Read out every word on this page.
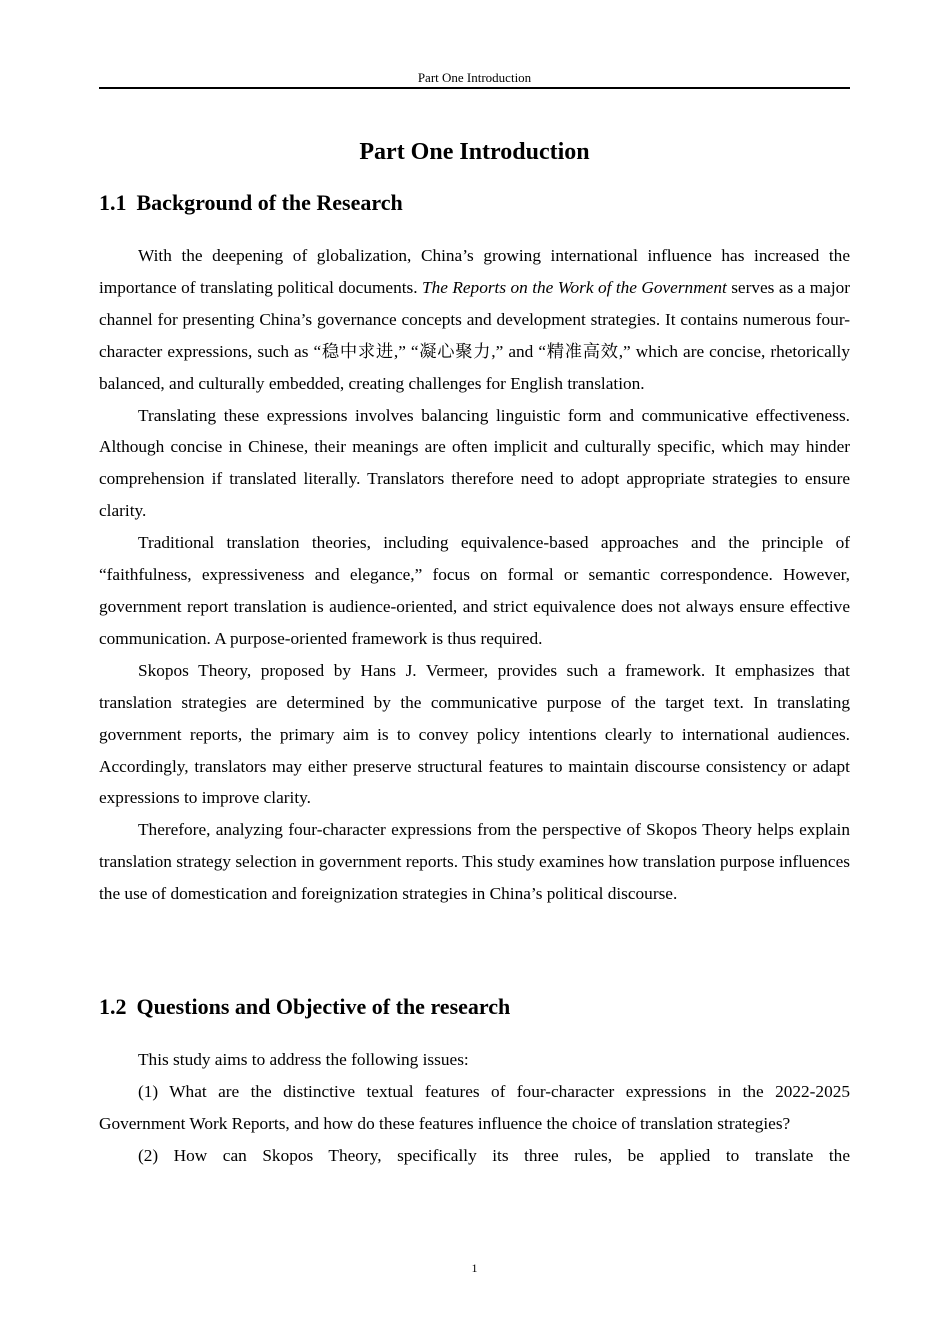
Part One Introduction
Part One Introduction
1.1 Background of the Research

With the deepening of globalization, China’s growing international influence has increased the importance of translating political documents. The Reports on the Work of the Government serves as a major channel for presenting China’s governance concepts and development strategies. It contains numerous four-character expressions, such as “稳中求进,” “凝心聚力,” and “精准高效,” which are concise, rhetorically balanced, and culturally embedded, creating challenges for English translation.

Translating these expressions involves balancing linguistic form and communicative effectiveness. Although concise in Chinese, their meanings are often implicit and culturally specific, which may hinder comprehension if translated literally. Translators therefore need to adopt appropriate strategies to ensure clarity.

Traditional translation theories, including equivalence-based approaches and the principle of “faithfulness, expressiveness and elegance,” focus on formal or semantic correspondence. However, government report translation is audience-oriented, and strict equivalence does not always ensure effective communication. A purpose-oriented framework is thus required.

Skopos Theory, proposed by Hans J. Vermeer, provides such a framework. It emphasizes that translation strategies are determined by the communicative purpose of the target text. In translating government reports, the primary aim is to convey policy intentions clearly to international audiences. Accordingly, translators may either preserve structural features to maintain discourse consistency or adapt expressions to improve clarity.

Therefore, analyzing four-character expressions from the perspective of Skopos Theory helps explain translation strategy selection in government reports. This study examines how translation purpose influences the use of domestication and foreignization strategies in China’s political discourse.

1.2 Questions and Objective of the research

This study aims to address the following issues:

(1) What are the distinctive textual features of four-character expressions in the 2022-2025 Government Work Reports, and how do these features influence the choice of translation strategies?

(2) How can Skopos Theory, specifically its three rules, be applied to translate the

1
